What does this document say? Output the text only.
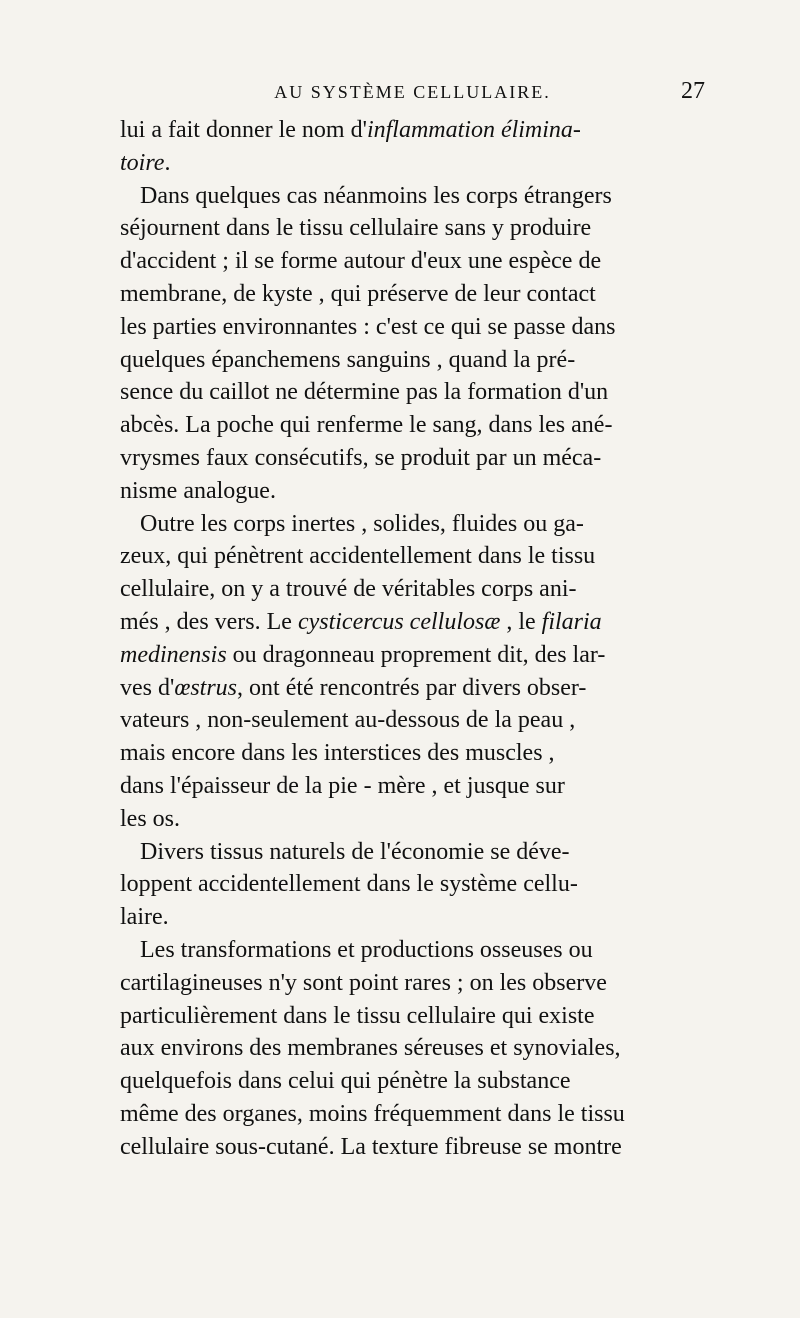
AU SYSTÈME CELLULAIRE.	27
lui a fait donner le nom d'inflammation élimina-
toire.
Dans quelques cas néanmoins les corps étrangers
séjournent dans le tissu cellulaire sans y produire
d'accident ; il se forme autour d'eux une espèce de
membrane, de kyste , qui préserve de leur contact
les parties environnantes : c'est ce qui se passe dans
quelques épanchemens sanguins , quand la pré-
sence du caillot ne détermine pas la formation d'un
abcès. La poche qui renferme le sang, dans les ané-
vrysmes faux consécutifs, se produit par un méca-
nisme analogue.
Outre les corps inertes , solides, fluides ou ga-
zeux, qui pénètrent accidentellement dans le tissu
cellulaire, on y a trouvé de véritables corps ani-
més , des vers. Le cysticercus cellulosæ , le filaria
medinensis ou dragonneau proprement dit, des lar-
ves d'œstrus, ont été rencontrés par divers obser-
vateurs , non-seulement au-dessous de la peau ,
mais encore dans les interstices des muscles ,
dans l'épaisseur de la pie - mère , et jusque sur
les os.
Divers tissus naturels de l'économie se déve-
loppent accidentellement dans le système cellu-
laire.
Les transformations et productions osseuses ou
cartilagineuses n'y sont point rares ; on les observe
particulièrement dans le tissu cellulaire qui existe
aux environs des membranes séreuses et synoviales,
quelquefois dans celui qui pénètre la substance
même des organes, moins fréquemment dans le tissu
cellulaire sous-cutané. La texture fibreuse se montre
